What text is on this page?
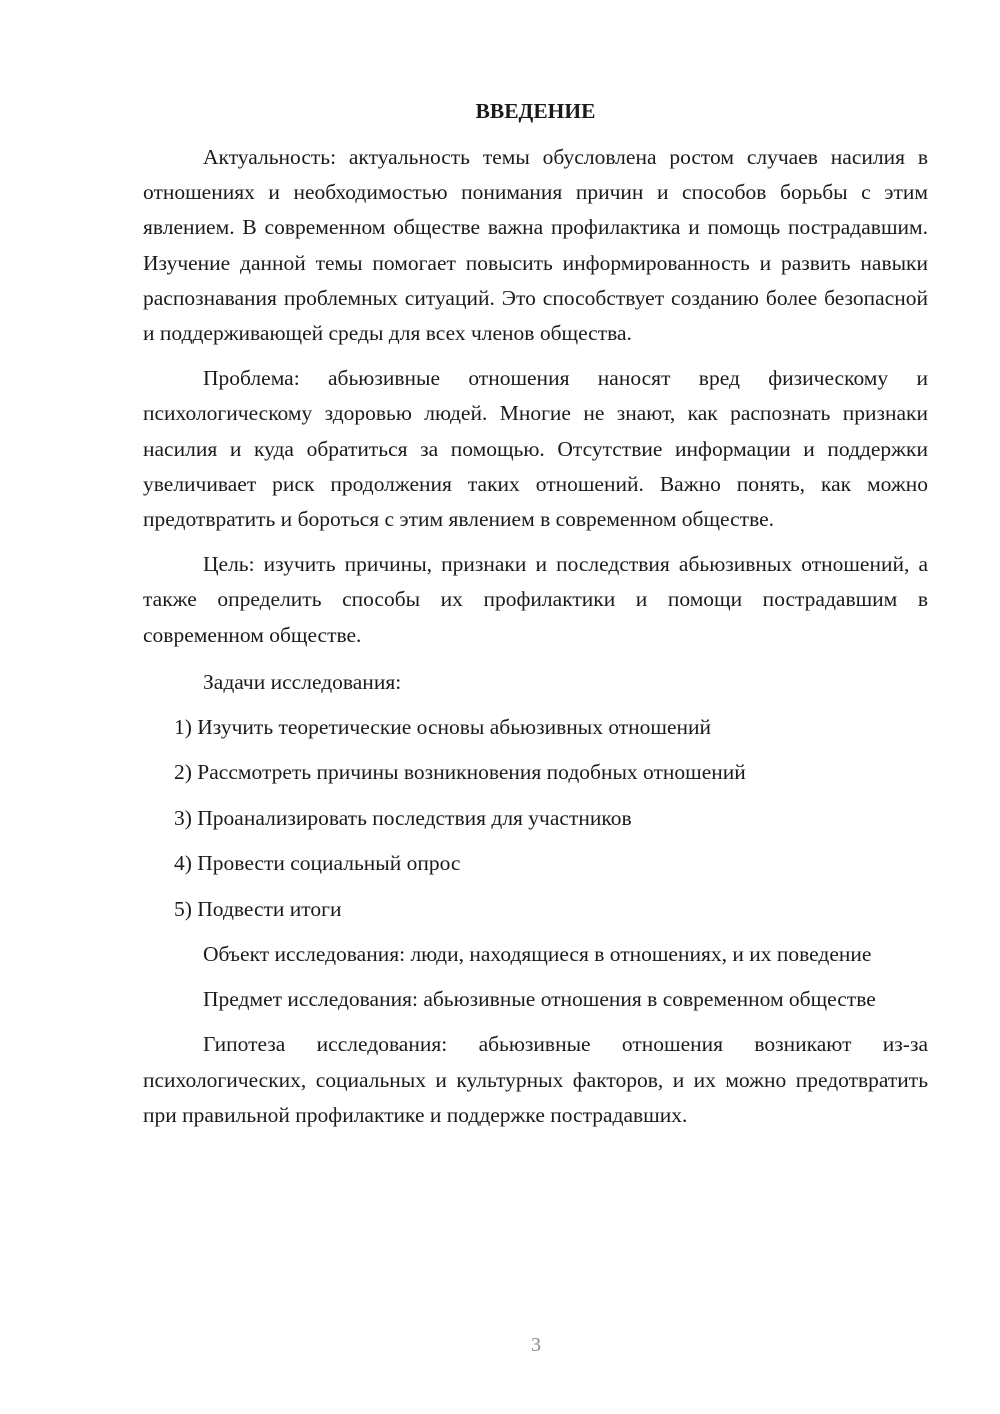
ВВЕДЕНИЕ

Актуальность: актуальность темы обусловлена ростом случаев насилия в отношениях и необходимостью понимания причин и способов борьбы с этим явлением. В современном обществе важна профилактика и помощь пострадавшим. Изучение данной темы помогает повысить информированность и развить навыки распознавания проблемных ситуаций. Это способствует созданию более безопасной и поддерживающей среды для всех членов общества.

Проблема: абьюзивные отношения наносят вред физическому и психологическому здоровью людей. Многие не знают, как распознать признаки насилия и куда обратиться за помощью. Отсутствие информации и поддержки увеличивает риск продолжения таких отношений. Важно понять, как можно предотвратить и бороться с этим явлением в современном обществе.

Цель: изучить причины, признаки и последствия абьюзивных отношений, а также определить способы их профилактики и помощи пострадавшим в современном обществе.

Задачи исследования:

1) Изучить теоретические основы абьюзивных отношений
2) Рассмотреть причины возникновения подобных отношений
3) Проанализировать последствия для участников
4) Провести социальный опрос
5) Подвести итоги

Объект исследования: люди, находящиеся в отношениях, и их поведение

Предмет исследования: абьюзивные отношения в современном обществе

Гипотеза исследования: абьюзивные отношения возникают из-за психологических, социальных и культурных факторов, и их можно предотвратить при правильной профилактике и поддержке пострадавших.

3
